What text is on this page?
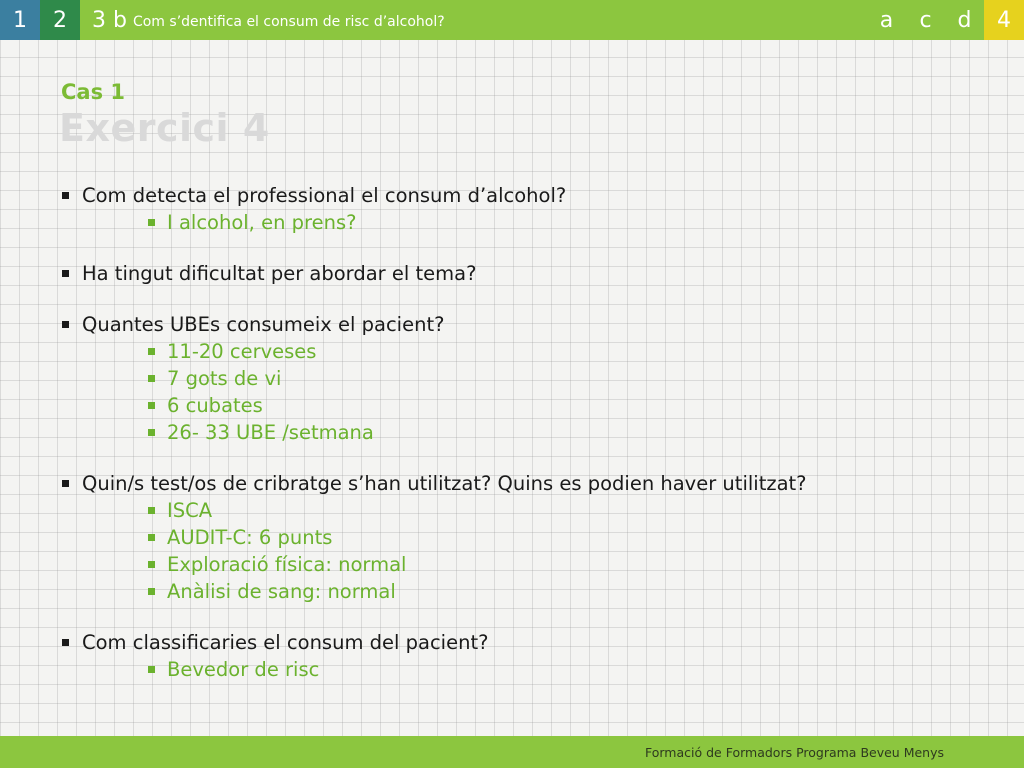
1	2	3 b Com s’dentifica el consum de risc d’alcohol?	a	c	d	4
Cas 1
Exercici 4
Com detecta el professional el consum d’alcohol?
I alcohol, en prens?
Ha tingut dificultat per abordar el tema?
Quantes UBEs consumeix el pacient?
11-20 cerveses
7 gots de vi
6 cubates
26- 33 UBE /setmana
Quin/s test/os de cribratge s’han utilitzat? Quins es podien haver utilitzat?
ISCA
AUDIT-C: 6 punts
Exploració física: normal
Anàlisi de sang: normal
Com classificaries el consum del pacient?
Bevedor de risc
Formació de Formadors Programa Beveu Menys
